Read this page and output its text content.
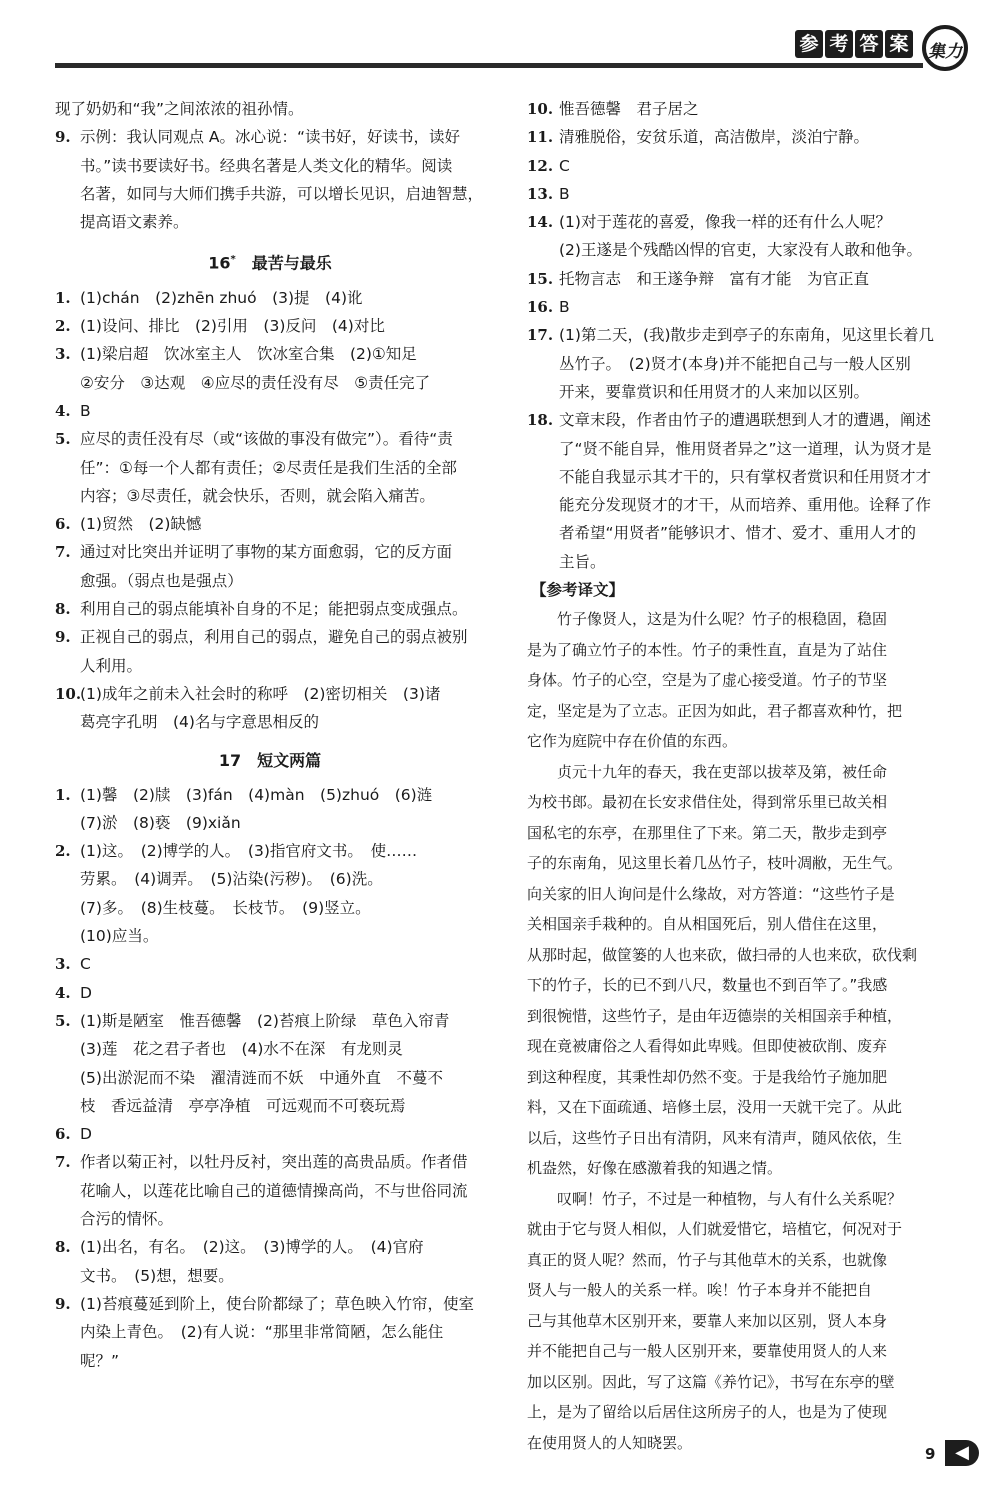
参 考 答 案	集力
现了奶奶和“我”之间浓浓的祖孙情。
9. 示例：我认同观点 A。冰心说：“读书好，好读书，读好
书。”读书要读好书。经典名著是人类文化的精华。阅读
名著，如同与大师们携手共游，可以增长见识，启迪智慧，
提高语文素养。
16*　 最苦与最乐
1. (1)chán　(2)zhēn zhuó　(3)提　(4)讹
2. (1)设问、排比　(2)引用　(3)反问　(4)对比
3. (1)梁启超　饮冰室主人　饮冰室合集　(2)①知足
②安分　③达观　④应尽的责任没有尽　⑤责任完了
4. B
5. 应尽的责任没有尽（或“该做的事没有做完”）。看待“责
任”：①每一个人都有责任；②尽责任是我们生活的全部
内容；③尽责任，就会快乐，否则，就会陷入痛苦。
6. (1)贸然　(2)缺憾
7. 通过对比突出并证明了事物的某方面愈弱，它的反方面
愈强。（弱点也是强点）
8. 利用自己的弱点能填补自身的不足；能把弱点变成强点。
9. 正视自己的弱点，利用自己的弱点，避免自己的弱点被别
人利用。
10.
(1)成年之前未入社会时的称呼　(2)密切相关　(3)诸
葛亮字孔明　(4)名与字意思相反的
17　 短文两篇
1. (1)馨　(2)牍　(3)fán　(4)màn　(5)zhuó　(6)涟
(7)淤　(8)亵　(9)xiǎn
2. (1)这。　(2)博学的人。　(3)指官府文书。　使……
劳累。　(4)调弄。　(5)沾染(污秽)。　(6)洗。
(7)多。　(8)生枝蔓。　长枝节。　(9)竖立。
(10)应当。
3. C
4. D
5. (1)斯是陋室　惟吾德馨　(2)苔痕上阶绿　草色入帘青
(3)莲　花之君子者也　(4)水不在深　有龙则灵
(5)出淤泥而不染　濯清涟而不妖　中通外直　不蔓不
枝　香远益清　亭亭净植　可远观而不可亵玩焉
6. D
7. 作者以菊正衬，以牡丹反衬，突出莲的高贵品质。作者借
花喻人，以莲花比喻自己的道德情操高尚，不与世俗同流
合污的情怀。
8. (1)出名，有名。　(2)这。　(3)博学的人。　(4)官府
文书。　(5)想，想要。
9. (1)苔痕蔓延到阶上，使台阶都绿了；草色映入竹帘，使室
内染上青色。　(2)有人说：“那里非常简陋，怎么能住
呢？”
10. 惟吾德馨　君子居之
11. 清雅脱俗，安贫乐道，高洁傲岸，淡泊宁静。
12. C
13. B
14. (1)对于莲花的喜爱，像我一样的还有什么人呢？
(2)王遂是个残酷凶悍的官吏，大家没有人敢和他争。
15. 托物言志　和王遂争辩　富有才能　为官正直
16. B
17. (1)第二天，(我)散步走到亭子的东南角，见这里长着几
丛竹子。　(2)贤才(本身)并不能把自己与一般人区别
开来，要靠赏识和任用贤才的人来加以区别。
18. 文章末段，作者由竹子的遭遇联想到人才的遭遇，阐述
了“贤不能自异，惟用贤者异之”这一道理，认为贤才是
不能自我显示其才干的，只有掌权者赏识和任用贤才才
能充分发现贤才的才干，从而培养、重用他。诠释了作
者希望“用贤者”能够识才、惜才、爱才、重用人才的
主旨。
【参考译文】
　　竹子像贤人，这是为什么呢？竹子的根稳固，稳固
是为了确立竹子的本性。竹子的秉性直，直是为了站住
身体。竹子的心空，空是为了虚心接受道。竹子的节坚
定，坚定是为了立志。正因为如此，君子都喜欢种竹，把
它作为庭院中存在价值的东西。
　　贞元十九年的春天，我在吏部以拔萃及第，被任命
为校书郎。最初在长安求借住处，得到常乐里已故关相
国私宅的东亭，在那里住了下来。第二天，散步走到亭
子的东南角，见这里长着几丛竹子，枝叶凋敝，无生气。
向关家的旧人询问是什么缘故，对方答道：“这些竹子是
关相国亲手栽种的。自从相国死后，别人借住在这里，
从那时起，做筐篓的人也来砍，做扫帚的人也来砍，砍伐剩
下的竹子，长的已不到八尺，数量也不到百竿了。”我感
到很惋惜，这些竹子，是由年迈德崇的关相国亲手种植，
现在竟被庸俗之人看得如此卑贱。但即使被砍削、废弃
到这种程度，其秉性却仍然不变。于是我给竹子施加肥
料，又在下面疏通、培修土层，没用一天就干完了。从此
以后，这些竹子日出有清阴，风来有清声，随风依依，生
机盎然，好像在感激着我的知遇之情。
　　叹啊！竹子，不过是一种植物，与人有什么关系呢？
就由于它与贤人相似，人们就爱惜它，培植它，何况对于
真正的贤人呢？然而，竹子与其他草木的关系，也就像
贤人与一般人的关系一样。唉！竹子本身并不能把自
己与其他草木区别开来，要靠人来加以区别，贤人本身
并不能把自己与一般人区别开来，要靠使用贤人的人来
加以区别。因此，写了这篇《养竹记》，书写在东亭的壁
上，是为了留给以后居住这所房子的人，也是为了使现
在使用贤人的人知晓罢。
9	◀
